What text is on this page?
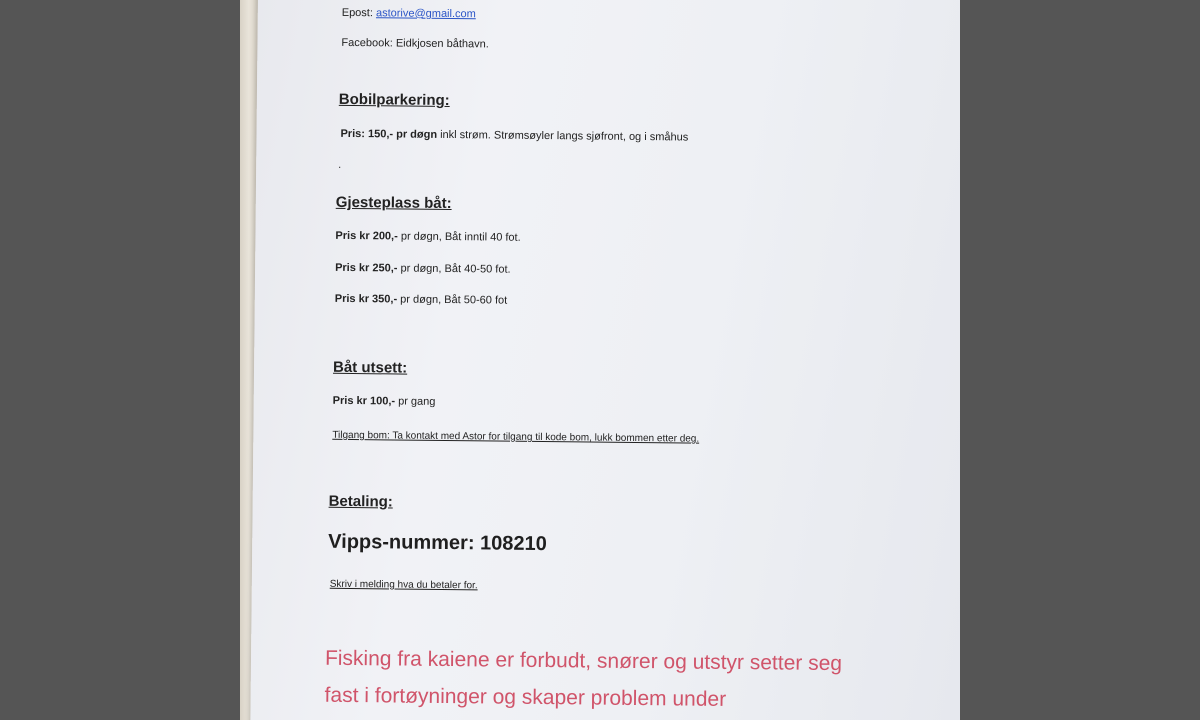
Epost: astorive@gmail.com
Facebook: Eidkjosen båthavn.
Bobilparkering:
Pris: 150,- pr døgn inkl strøm. Strømsøyler langs sjøfront, og i småhus
.
Gjesteplass båt:
Pris kr 200,- pr døgn, Båt inntil 40 fot.
Pris kr 250,- pr døgn, Båt 40-50 fot.
Pris kr 350,- pr døgn, Båt 50-60 fot
Båt utsett:
Pris kr 100,- pr gang
Tilgang bom: Ta kontakt med Astor for tilgang til kode bom, lukk bommen etter deg.
Betaling:
Vipps-nummer: 108210
Skriv i melding hva du betaler for.
Fisking fra kaiene er forbudt, snører og utstyr setter seg
fast i fortøyninger og skaper problem under
